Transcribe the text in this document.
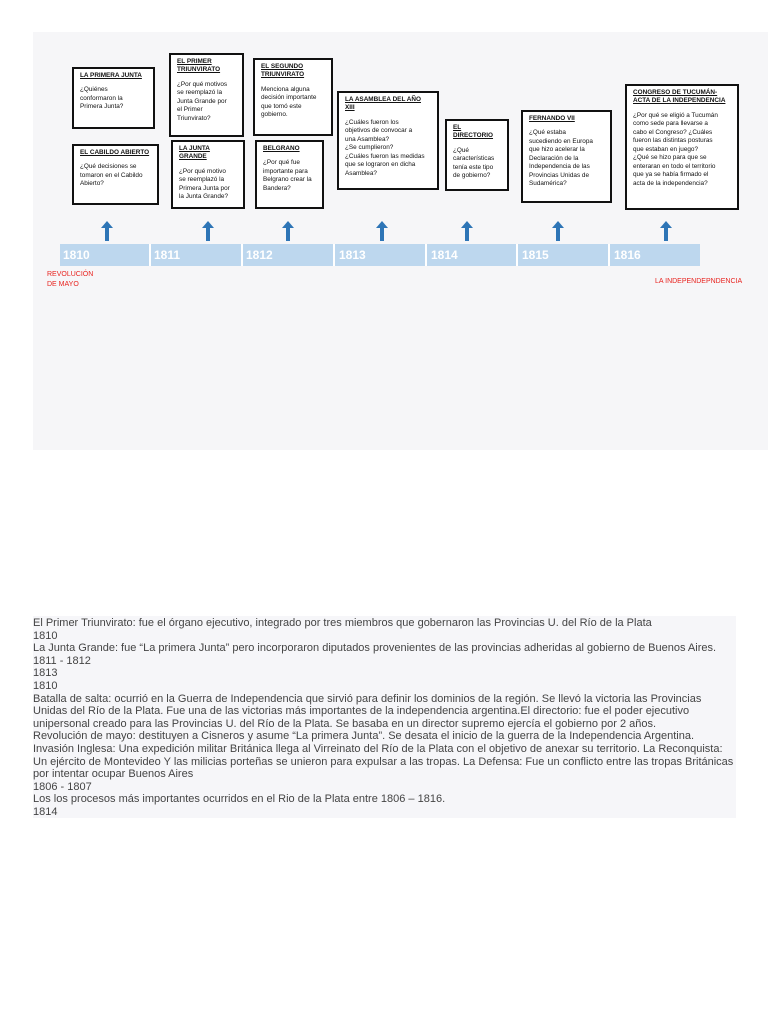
LA PRIMERA JUNTA
¿Quiénes
conformaron la
Primera Junta?
EL CABILDO ABIERTO
¿Qué decisiones se
tomaron en el Cabildo
Abierto?
EL PRIMER
TRIUNVIRATO
¿Por qué motivos
se reemplazó la
Junta Grande por
el Primer
Triunvirato?
LA JUNTA GRANDE
¿Por qué motivo
se reemplazó la
Primera Junta por
la Junta Grande?
EL SEGUNDO
TRIUNVIRATO
Menciona alguna
decisión importante
que tomó este
gobierno.
BELGRANO
¿Por qué fue
importante para
Belgrano crear la
Bandera?
LA ASAMBLEA DEL AÑO XIII
¿Cuáles fueron los
objetivos de convocar a
una Asamblea?
¿Se cumplieron?
¿Cuáles fueron las medidas
que se lograron en dicha
Asamblea?
EL DIRECTORIO
¿Qué
características
tenía este tipo
de gobierno?
FERNANDO VII
¿Qué estaba
sucediendo en Europa
que hizo acelerar la
Declaración de la
Independencia de las
Provincias Unidas de
Sudamérica?
CONGRESO DE TUCUMÁN-
ACTA DE LA INDEPENDENCIA
¿Por qué se eligió a Tucumán
como sede para llevarse a
cabo el Congreso? ¿Cuáles
fueron las distintas posturas
que estaban en juego?
¿Qué se hizo para que se
enteraran en todo el territorio
que ya se había firmado el
acta de la independencia?
1810	1811	1812	1813	1814	1815	1816
REVOLUCIÓN
DE MAYO	LA INDEPENDEPNDENCIA

El Primer Triunvirato: fue el órgano ejecutivo, integrado por tres miembros que gobernaron las Provincias U. del Río de la Plata

1810

La Junta Grande: fue “La primera Junta” pero incorporaron diputados provenientes de las provincias adheridas al gobierno de Buenos Aires.

1811 - 1812

1813

1810

Batalla de salta: ocurrió en la Guerra de Independencia que sirvió para definir los dominios de la región. Se llevó la victoria las Provincias Unidas del Río de la Plata. Fue una de las victorias más importantes de la independencia argentina.El directorio: fue el poder ejecutivo unipersonal creado para las Provincias U. del Río de la Plata. Se basaba en un director supremo ejercía el gobierno por 2 años.

Revolución de mayo: destituyen a Cisneros y asume “La primera Junta”. Se desata el inicio de la guerra de la Independencia Argentina.

Invasión Inglesa: Una expedición militar Británica llega al Virreinato del Río de la Plata con el objetivo de anexar su territorio. La Reconquista: Un ejército de Montevideo Y las milicias porteñas se unieron para expulsar a las tropas. La Defensa: Fue un conflicto entre las tropas Británicas por intentar ocupar Buenos Aires

1806 - 1807

Los los procesos más importantes ocurridos en el Rio de la Plata entre 1806 – 1816.

1814
